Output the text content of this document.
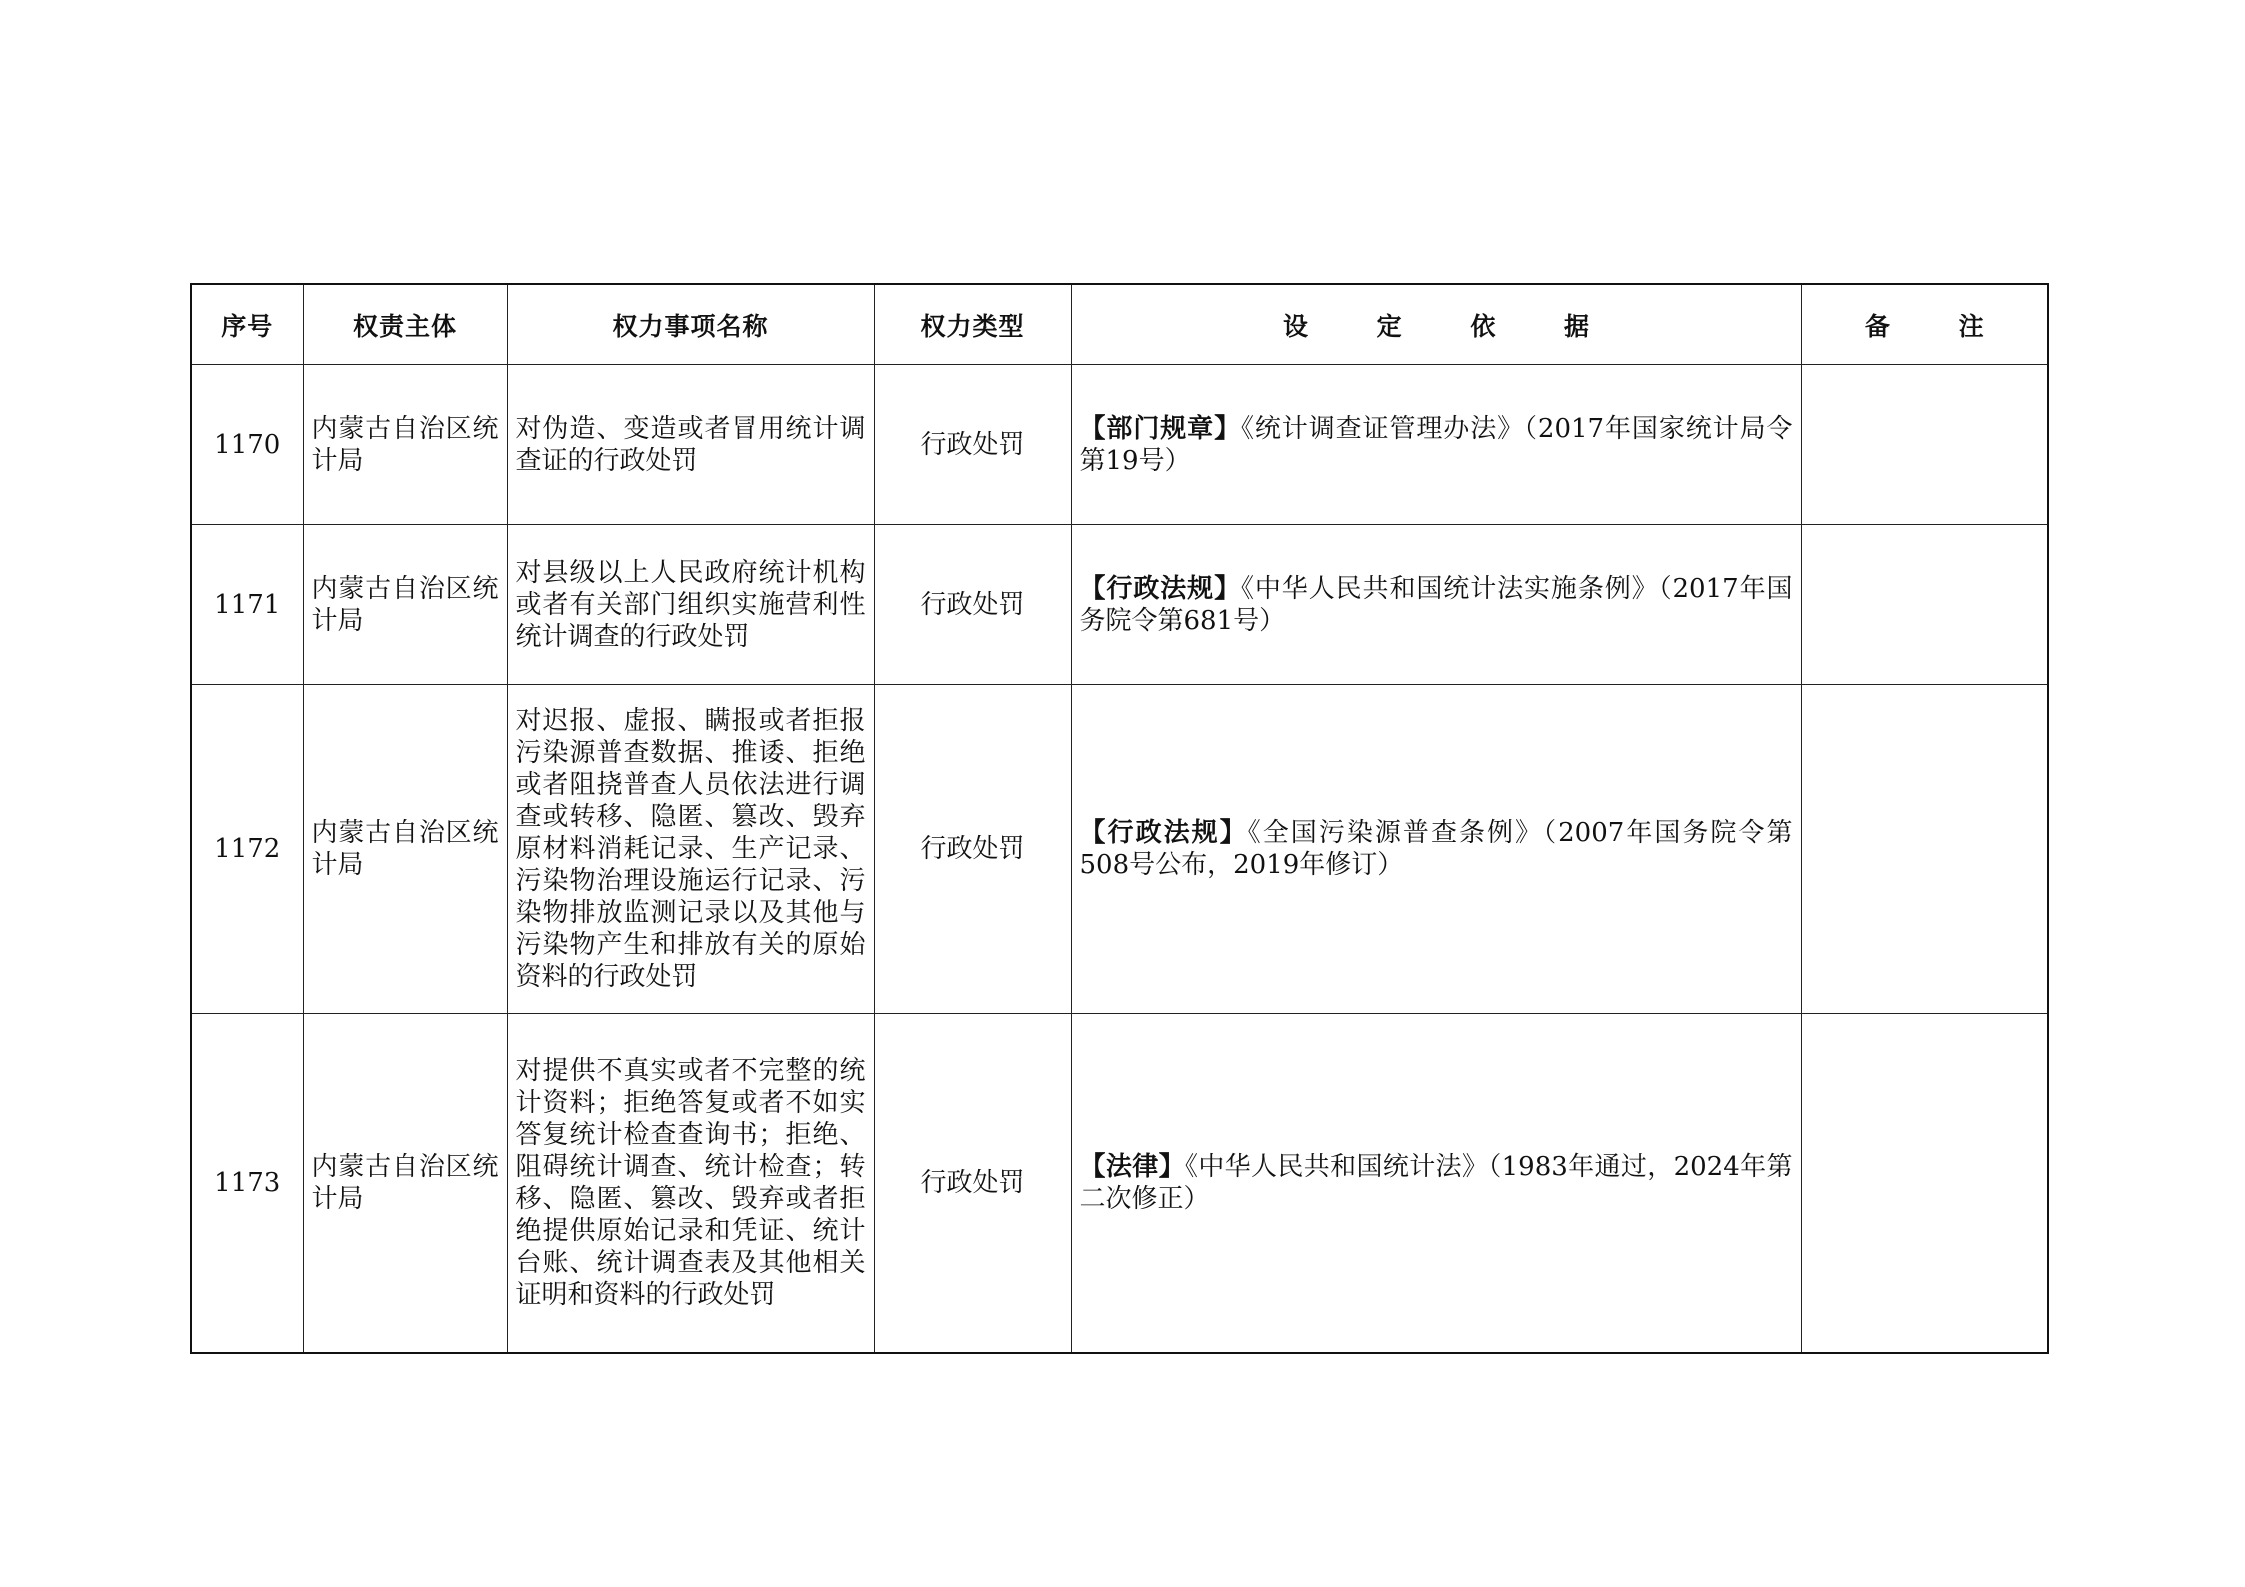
序号	权责主体	权力事项名称	权力类型	设 定 依 据	备 注
1170	内蒙古自治区统计局	对伪造、变造或者冒用统计调查证的行政处罚	行政处罚	【部门规章】《统计调查证管理办法》（2017年国家统计局令第19号）	
1171	内蒙古自治区统计局	对县级以上人民政府统计机构或者有关部门组织实施营利性统计调查的行政处罚	行政处罚	【行政法规】《中华人民共和国统计法实施条例》（2017年国务院令第681号）	
1172	内蒙古自治区统计局	对迟报、虚报、瞒报或者拒报污染源普查数据、推诿、拒绝或者阻挠普查人员依法进行调查或转移、隐匿、篡改、毁弃原材料消耗记录、生产记录、污染物治理设施运行记录、污染物排放监测记录以及其他与污染物产生和排放有关的原始资料的行政处罚	行政处罚	【行政法规】《全国污染源普查条例》（2007年国务院令第508号公布，2019年修订）	
1173	内蒙古自治区统计局	对提供不真实或者不完整的统计资料；拒绝答复或者不如实答复统计检查查询书；拒绝、阻碍统计调查、统计检查；转移、隐匿、篡改、毁弃或者拒绝提供原始记录和凭证、统计台账、统计调查表及其他相关证明和资料的行政处罚	行政处罚	【法律】《中华人民共和国统计法》（1983年通过，2024年第二次修正）	
